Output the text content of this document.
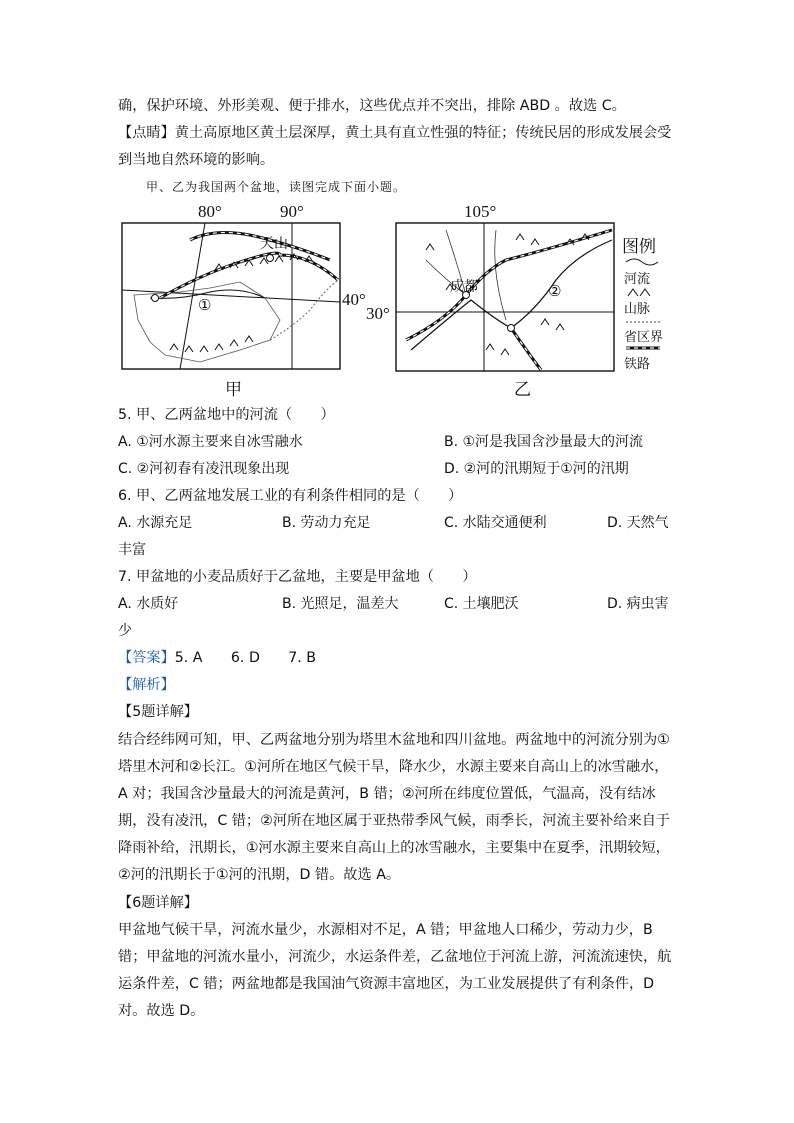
确，保护环境、外形美观、便于排水，这些优点并不突出，排除 ABD 。故选 C。
【点睛】黄土高原地区黄土层深厚，黄土具有直立性强的特征；传统民居的形成发展会受
到当地自然环境的影响。
甲、乙为我国两个盆地，读图完成下面小题。
80°	90°
40°
天山
①
甲
105°
30°
成都	②
乙
图例
河流
山脉
省区界
铁路
5. 甲、乙两盆地中的河流（　　）
A. ①河水源主要来自冰雪融水	B. ①河是我国含沙量最大的河流
C. ②河初春有凌汛现象出现	D. ②河的汛期短于①河的汛期
6. 甲、乙两盆地发展工业的有利条件相同的是（　　）
A. 水源充足	B. 劳动力充足	C. 水陆交通便利	D. 天然气
丰富
7. 甲盆地的小麦品质好于乙盆地，主要是甲盆地（　　）
A. 水质好	B. 光照足，温差大	C. 土壤肥沃	D. 病虫害
少
【答案】5. A　　6. D　　7. B
【解析】
【5题详解】
结合经纬网可知，甲、乙两盆地分别为塔里木盆地和四川盆地。两盆地中的河流分别为①
塔里木河和②长江。①河所在地区气候干旱，降水少，水源主要来自高山上的冰雪融水，
A 对；我国含沙量最大的河流是黄河，B 错；②河所在纬度位置低，气温高，没有结冰
期，没有凌汛，C 错；②河所在地区属于亚热带季风气候，雨季长，河流主要补给来自于
降雨补给，汛期长，①河水源主要来自高山上的冰雪融水，主要集中在夏季，汛期较短，
②河的汛期长于①河的汛期，D 错。故选 A。
【6题详解】
甲盆地气候干旱，河流水量少，水源相对不足，A 错；甲盆地人口稀少，劳动力少，B
错；甲盆地的河流水量小，河流少，水运条件差，乙盆地位于河流上游，河流流速快，航
运条件差，C 错；两盆地都是我国油气资源丰富地区，为工业发展提供了有利条件，D
对。故选 D。
